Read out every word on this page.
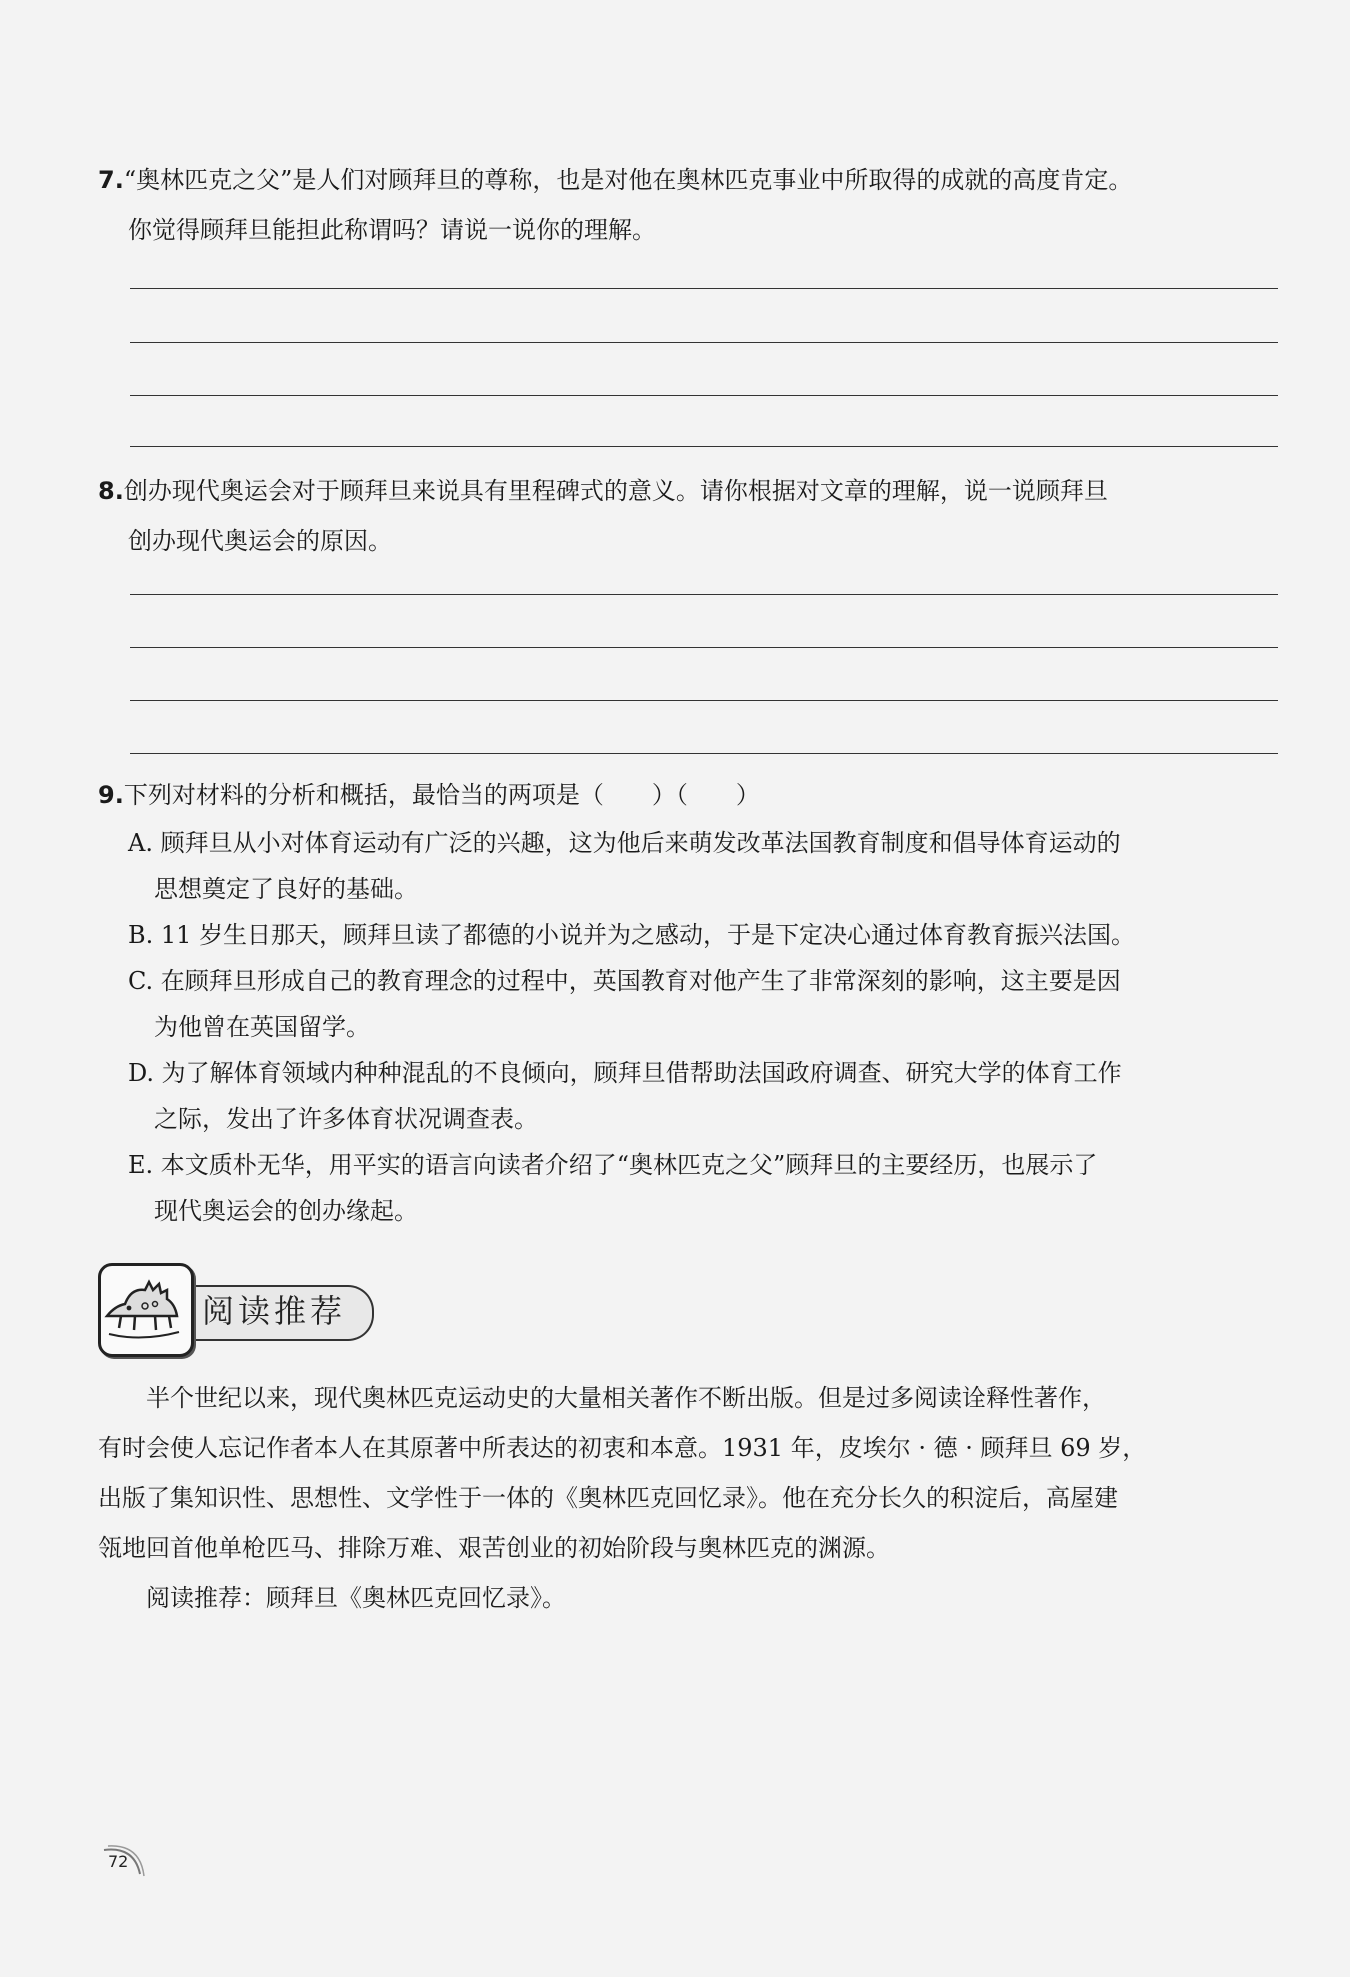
7.“奥林匹克之父”是人们对顾拜旦的尊称，也是对他在奥林匹克事业中所取得的成就的高度肯定。
你觉得顾拜旦能担此称谓吗？请说一说你的理解。
8.创办现代奥运会对于顾拜旦来说具有里程碑式的意义。请你根据对文章的理解，说一说顾拜旦
创办现代奥运会的原因。
9.下列对材料的分析和概括，最恰当的两项是（　　）（　　）
A. 顾拜旦从小对体育运动有广泛的兴趣，这为他后来萌发改革法国教育制度和倡导体育运动的
思想奠定了良好的基础。
B. 11 岁生日那天，顾拜旦读了都德的小说并为之感动，于是下定决心通过体育教育振兴法国。
C. 在顾拜旦形成自己的教育理念的过程中，英国教育对他产生了非常深刻的影响，这主要是因
为他曾在英国留学。
D. 为了解体育领域内种种混乱的不良倾向，顾拜旦借帮助法国政府调查、研究大学的体育工作
之际，发出了许多体育状况调查表。
E. 本文质朴无华，用平实的语言向读者介绍了“奥林匹克之父”顾拜旦的主要经历，也展示了
现代奥运会的创办缘起。
阅读推荐
　　半个世纪以来，现代奥林匹克运动史的大量相关著作不断出版。但是过多阅读诠释性著作，
有时会使人忘记作者本人在其原著中所表达的初衷和本意。1931 年，皮埃尔 · 德 · 顾拜旦 69 岁，
出版了集知识性、思想性、文学性于一体的《奥林匹克回忆录》。他在充分长久的积淀后，高屋建
瓴地回首他单枪匹马、排除万难、艰苦创业的初始阶段与奥林匹克的渊源。
　　阅读推荐：顾拜旦《奥林匹克回忆录》。
72
